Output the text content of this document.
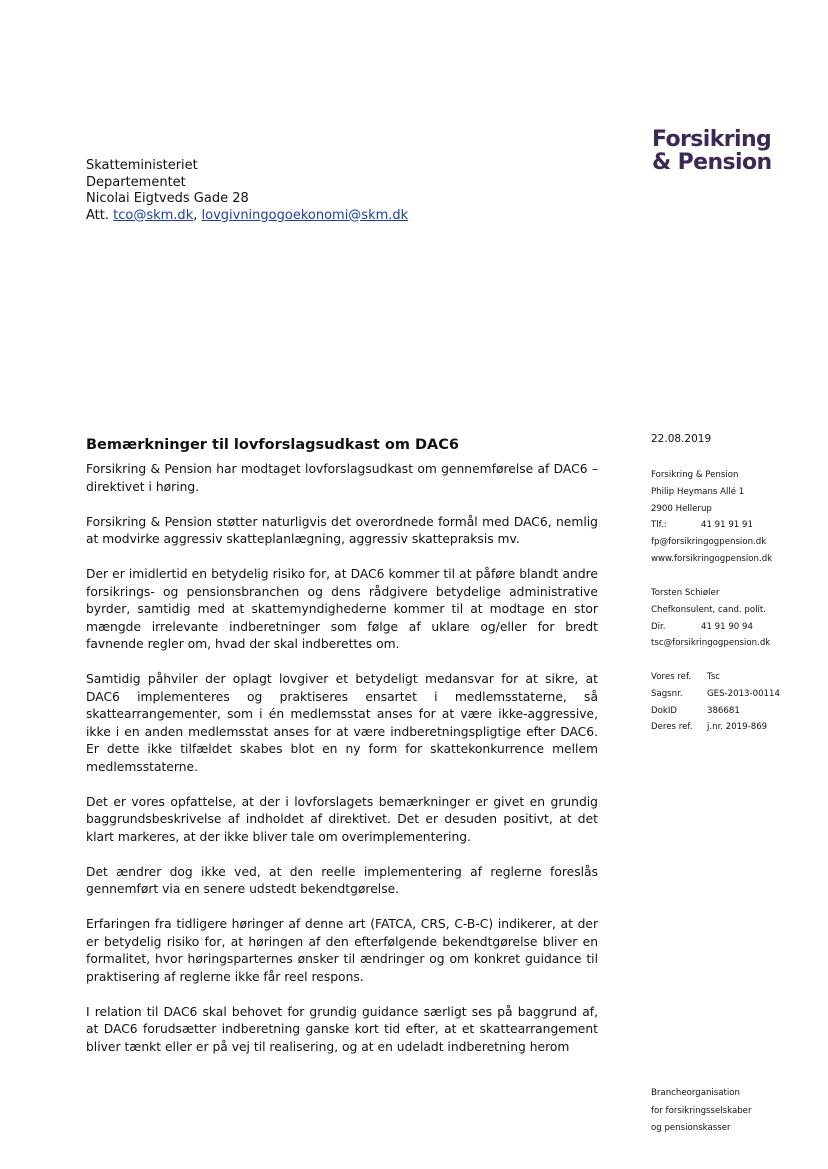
Forsikring
& Pension
Skatteministeriet
Departementet
Nicolai Eigtveds Gade 28
Att. tco@skm.dk, lovgivningogoekonomi@skm.dk
Bemærkninger til lovforslagsudkast om DAC6

Forsikring & Pension har modtaget lovforslagsudkast om gennemførelse af DAC6 – direktivet i høring.

Forsikring & Pension støtter naturligvis det overordnede formål med DAC6, nemlig at modvirke aggressiv skatteplanlægning, aggressiv skattepraksis mv.

Der er imidlertid en betydelig risiko for, at DAC6 kommer til at påføre blandt andre forsikrings- og pensionsbranchen og dens rådgivere betydelige administrative byrder, samtidig med at skattemyndighederne kommer til at modtage en stor mængde irrelevante indberetninger som følge af uklare og/eller for bredt favnende regler om, hvad der skal indberettes om.

Samtidig påhviler der oplagt lovgiver et betydeligt medansvar for at sikre, at DAC6 implementeres og praktiseres ensartet i medlemsstaterne, så skattearrangementer, som i én medlemsstat anses for at være ikke-aggressive, ikke i en anden medlemsstat anses for at være indberetningspligtige efter DAC6. Er dette ikke tilfældet skabes blot en ny form for skattekonkurrence mellem medlemsstaterne.

Det er vores opfattelse, at der i lovforslagets bemærkninger er givet en grundig baggrundsbeskrivelse af indholdet af direktivet. Det er desuden positivt, at det klart markeres, at der ikke bliver tale om overimplementering.

Det ændrer dog ikke ved, at den reelle implementering af reglerne foreslås gennemført via en senere udstedt bekendtgørelse.

Erfaringen fra tidligere høringer af denne art (FATCA, CRS, C-B-C) indikerer, at der er betydelig risiko for, at høringen af den efterfølgende bekendtgørelse bliver en formalitet, hvor høringsparternes ønsker til ændringer og om konkret guidance til praktisering af reglerne ikke får reel respons.

I relation til DAC6 skal behovet for grundig guidance særligt ses på baggrund af, at DAC6 forudsætter indberetning ganske kort tid efter, at et skattearrangement bliver tænkt eller er på vej til realisering, og at en udeladt indberetning herom

22.08.2019
Forsikring & Pension
Philip Heymans Allé 1
2900 Hellerup
Tlf.:	41 91 91 91
fp@forsikringogpension.dk
www.forsikringogpension.dk
Torsten Schiøler
Chefkonsulent, cand. polit.
Dir.	41 91 90 94
tsc@forsikringogpension.dk
Vores ref.	Tsc
Sagsnr.	GES-2013-00114
DokID	386681
Deres ref.	j.nr. 2019-869
Brancheorganisation
for forsikringsselskaber
og pensionskasser
